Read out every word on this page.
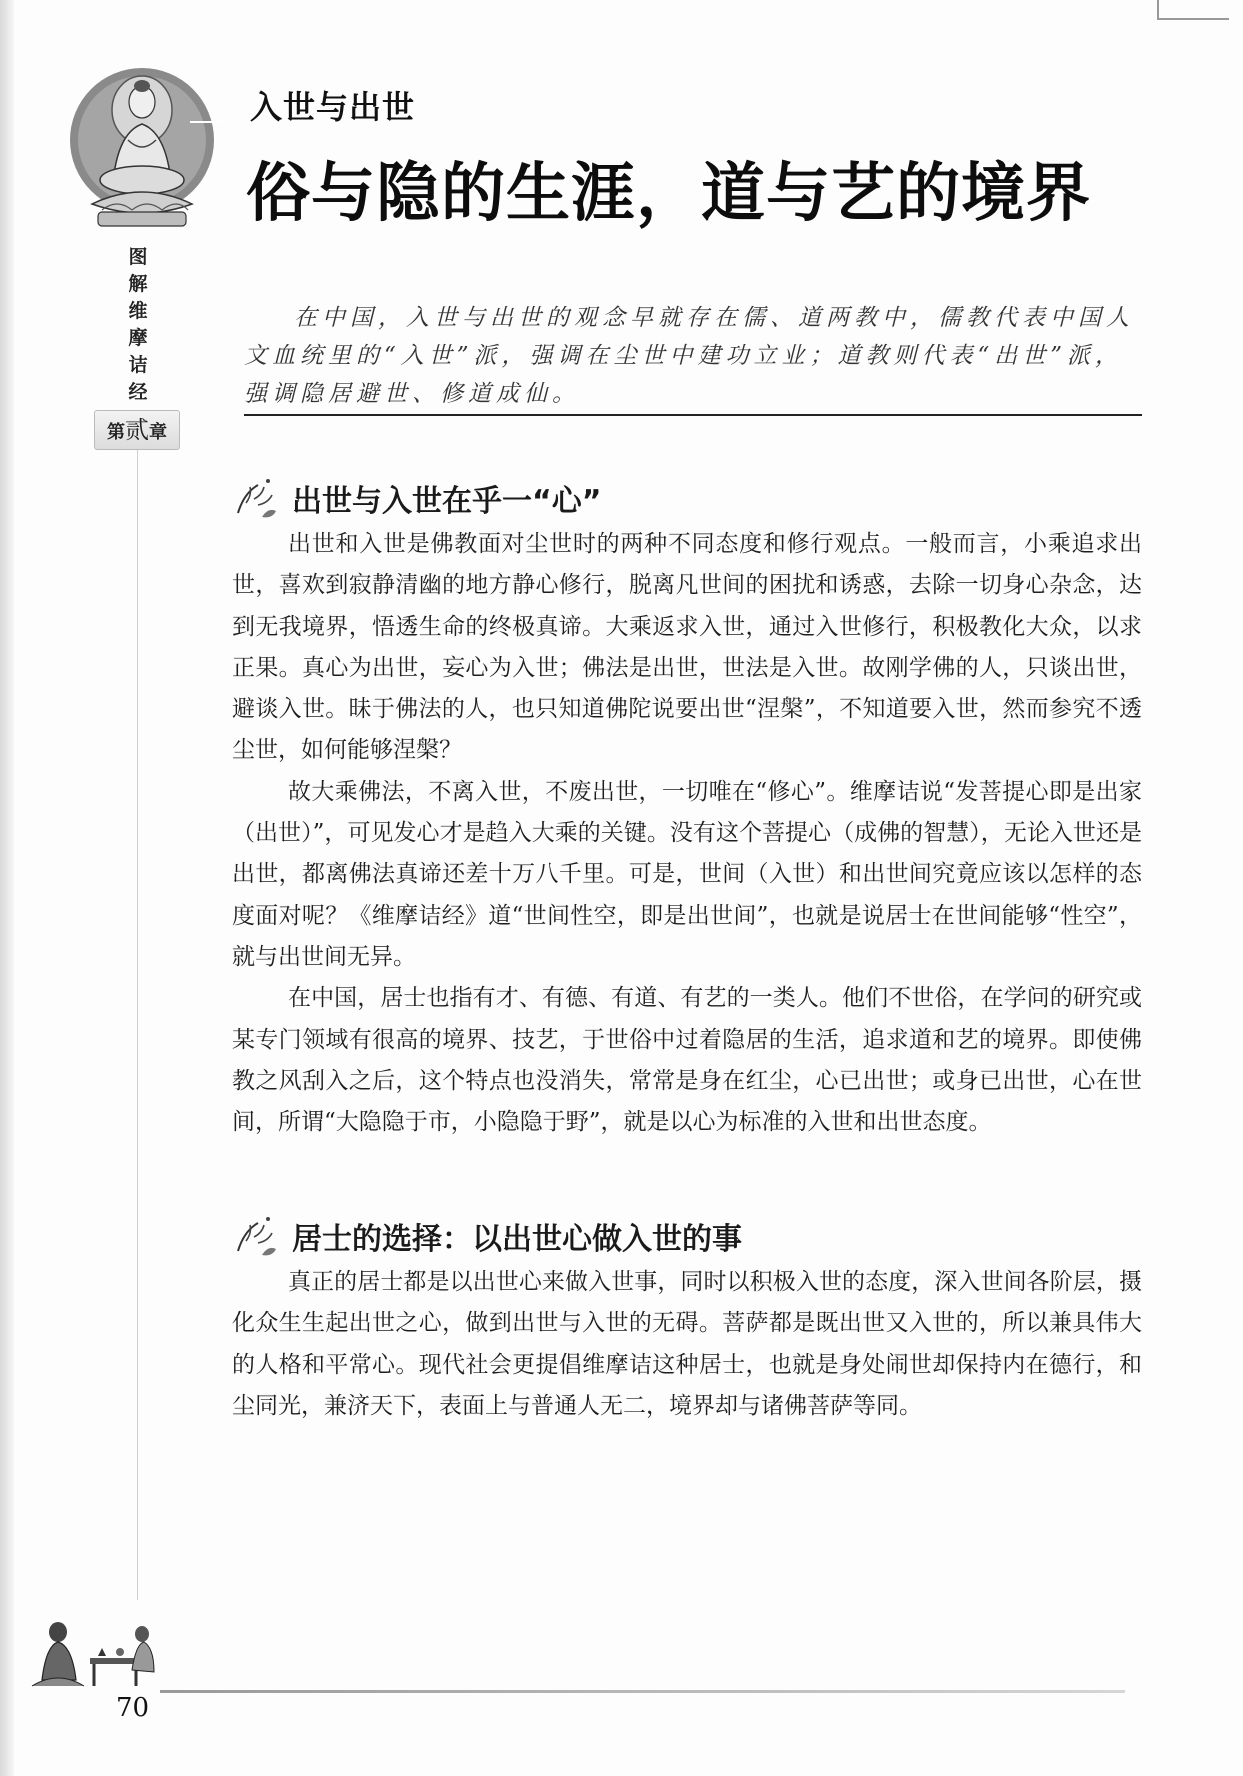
图
解
维
摩
诘
经
第贰章
入世与出世
俗与隐的生涯，道与艺的境界

在中国，入世与出世的观念早就存在儒、道两教中，儒教代表中国人文血统里的“入世”派，强调在尘世中建功立业；道教则代表“出世”派，强调隐居避世、修道成仙。

出世与入世在乎一“心”

出世和入世是佛教面对尘世时的两种不同态度和修行观点。一般而言，小乘追求出世，喜欢到寂静清幽的地方静心修行，脱离凡世间的困扰和诱惑，去除一切身心杂念，达到无我境界，悟透生命的终极真谛。大乘返求入世，通过入世修行，积极教化大众，以求正果。真心为出世，妄心为入世；佛法是出世，世法是入世。故刚学佛的人，只谈出世，避谈入世。昧于佛法的人，也只知道佛陀说要出世“涅槃”，不知道要入世，然而参究不透尘世，如何能够涅槃？

故大乘佛法，不离入世，不废出世，一切唯在“修心”。维摩诘说“发菩提心即是出家（出世）”，可见发心才是趋入大乘的关键。没有这个菩提心（成佛的智慧），无论入世还是出世，都离佛法真谛还差十万八千里。可是，世间（入世）和出世间究竟应该以怎样的态度面对呢？《维摩诘经》道“世间性空，即是出世间”，也就是说居士在世间能够“性空”，就与出世间无异。

在中国，居士也指有才、有德、有道、有艺的一类人。他们不世俗，在学问的研究或某专门领域有很高的境界、技艺，于世俗中过着隐居的生活，追求道和艺的境界。即使佛教之风刮入之后，这个特点也没消失，常常是身在红尘，心已出世；或身已出世，心在世间，所谓“大隐隐于市，小隐隐于野”，就是以心为标准的入世和出世态度。

居士的选择：以出世心做入世的事

真正的居士都是以出世心来做入世事，同时以积极入世的态度，深入世间各阶层，摄化众生生起出世之心，做到出世与入世的无碍。菩萨都是既出世又入世的，所以兼具伟大的人格和平常心。现代社会更提倡维摩诘这种居士，也就是身处闹世却保持内在德行，和尘同光，兼济天下，表面上与普通人无二，境界却与诸佛菩萨等同。

70
